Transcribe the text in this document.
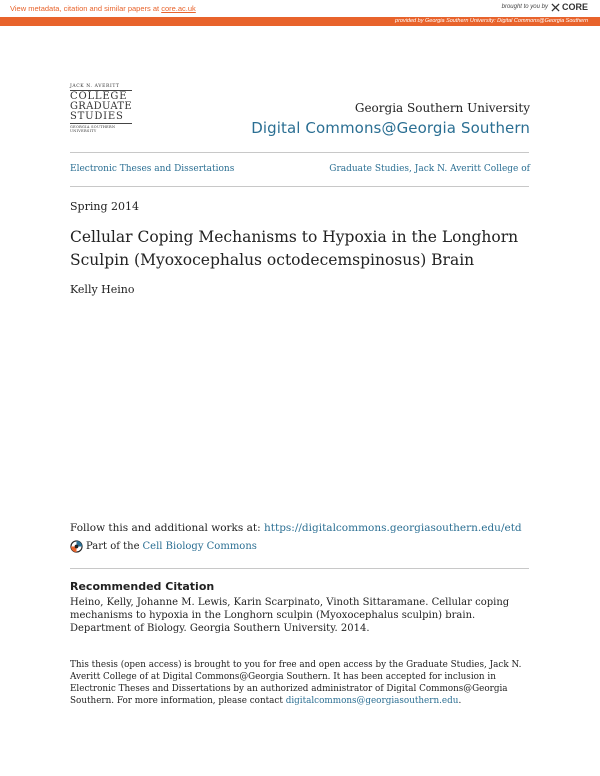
View metadata, citation and similar papers at core.ac.uk	brought to you by CORE
provided by Georgia Southern University: Digital Commons@Georgia Southern
JACK N. AVERITT
COLLEGE
GRADUATE
STUDIES
GEORGIA SOUTHERN UNIVERSITY
Georgia Southern University
Digital Commons@Georgia Southern
Electronic Theses and Dissertations	Graduate Studies, Jack N. Averitt College of
Spring 2014
Cellular Coping Mechanisms to Hypoxia in the Longhorn Sculpin (Myoxocephalus octodecemspinosus) Brain
Kelly Heino
Follow this and additional works at: https://digitalcommons.georgiasouthern.edu/etd
Part of the Cell Biology Commons
Recommended Citation
Heino, Kelly, Johanne M. Lewis, Karin Scarpinato, Vinoth Sittaramane. Cellular coping mechanisms to hypoxia in the Longhorn sculpin (Myoxocephalus sculpin) brain. Department of Biology. Georgia Southern University. 2014.
This thesis (open access) is brought to you for free and open access by the Graduate Studies, Jack N. Averitt College of at Digital Commons@Georgia Southern. It has been accepted for inclusion in Electronic Theses and Dissertations by an authorized administrator of Digital Commons@Georgia Southern. For more information, please contact digitalcommons@georgiasouthern.edu.
